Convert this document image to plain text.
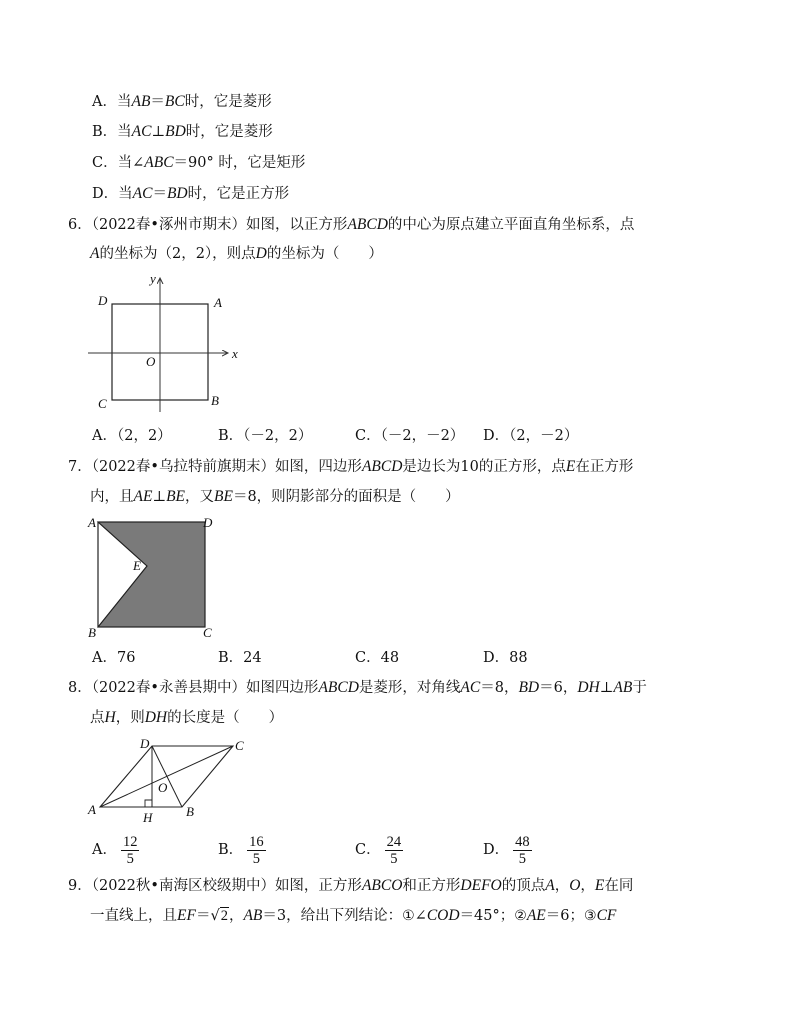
A．当AB＝BC时，它是菱形
B．当AC⊥BD时，它是菱形
C．当∠ABC＝90° 时，它是矩形
D．当AC＝BD时，它是正方形
6．（2022春•涿州市期末）如图，以正方形ABCD的中心为原点建立平面直角坐标系，点
A的坐标为（2，2），则点D的坐标为（　　）
D	A
C	B
O
x
y
A．（2，2）	B．（－2，2）	C．（－2，－2） D．（2，－2）
7．（2022春•乌拉特前旗期末）如图，四边形ABCD是边长为10的正方形，点E在正方形
内，且AE⊥BE，又BE＝8，则阴影部分的面积是（　　）
A	D
E
B	C
A．76	B．24	C．48	D．88
8．（2022春•永善县期中）如图四边形ABCD是菱形，对角线AC＝8，BD＝6，DH⊥AB于
点H，则DH的长度是（　　）
D	C
O
A
H	B
A． $\frac{12}{5}$	B． $\frac{16}{5}$	C． $\frac{24}{5}$	D． $\frac{48}{5}$
9．（2022秋•南海区校级期中）如图，正方形ABCO和正方形DEFO的顶点A，O，E在同
一直线上，且EF＝√2，AB＝3，给出下列结论：①∠COD＝45°；②AE＝6；③CF
